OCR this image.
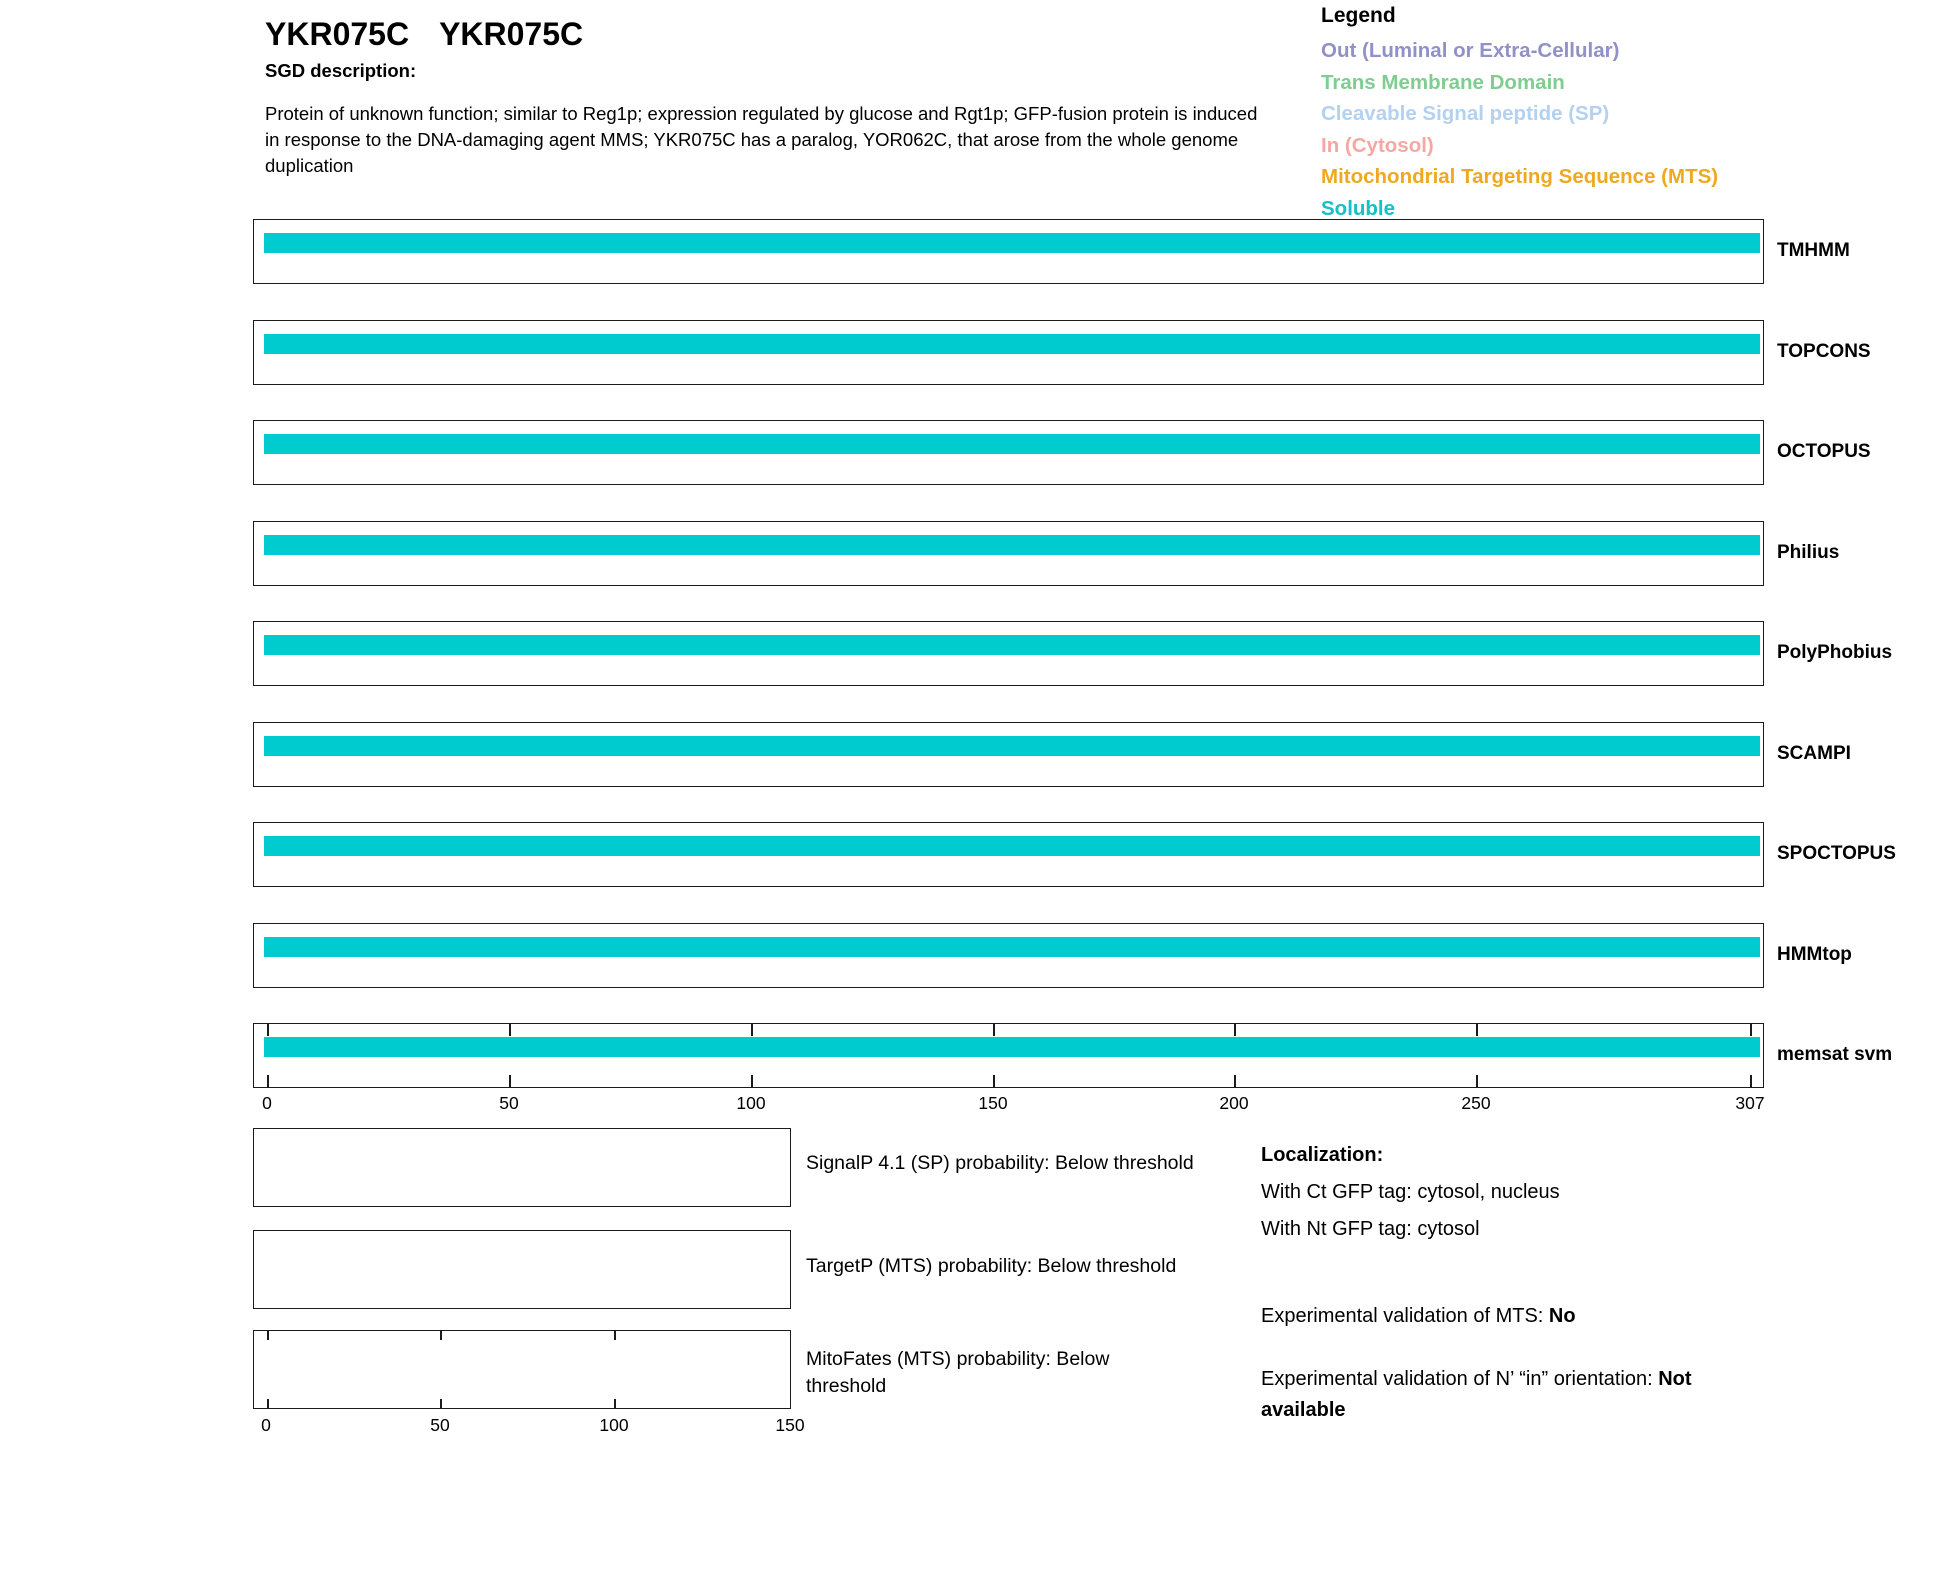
YKR075C YKR075C
SGD description:

Protein of unknown function; similar to Reg1p; expression regulated by glucose and Rgt1p; GFP-fusion protein is induced in response to the DNA-damaging agent MMS; YKR075C has a paralog, YOR062C, that arose from the whole genome duplication

Legend
Out (Luminal or Extra-Cellular)
Trans Membrane Domain
Cleavable Signal peptide (SP)
In (Cytosol)
Mitochondrial Targeting Sequence (MTS)
Soluble
TMHMM
TOPCONS
OCTOPUS
Philius
PolyPhobius
SCAMPI
SPOCTOPUS
HMMtop
memsat svm
0	50	100	150	200	250	307
SignalP 4.1 (SP) probability: Below threshold
TargetP (MTS) probability: Below threshold
MitoFates (MTS) probability: Below threshold
0	50	100	150
Localization:
With Ct GFP tag: cytosol, nucleus
With Nt GFP tag: cytosol
Experimental validation of MTS: No
Experimental validation of N’ “in” orientation: Not available
